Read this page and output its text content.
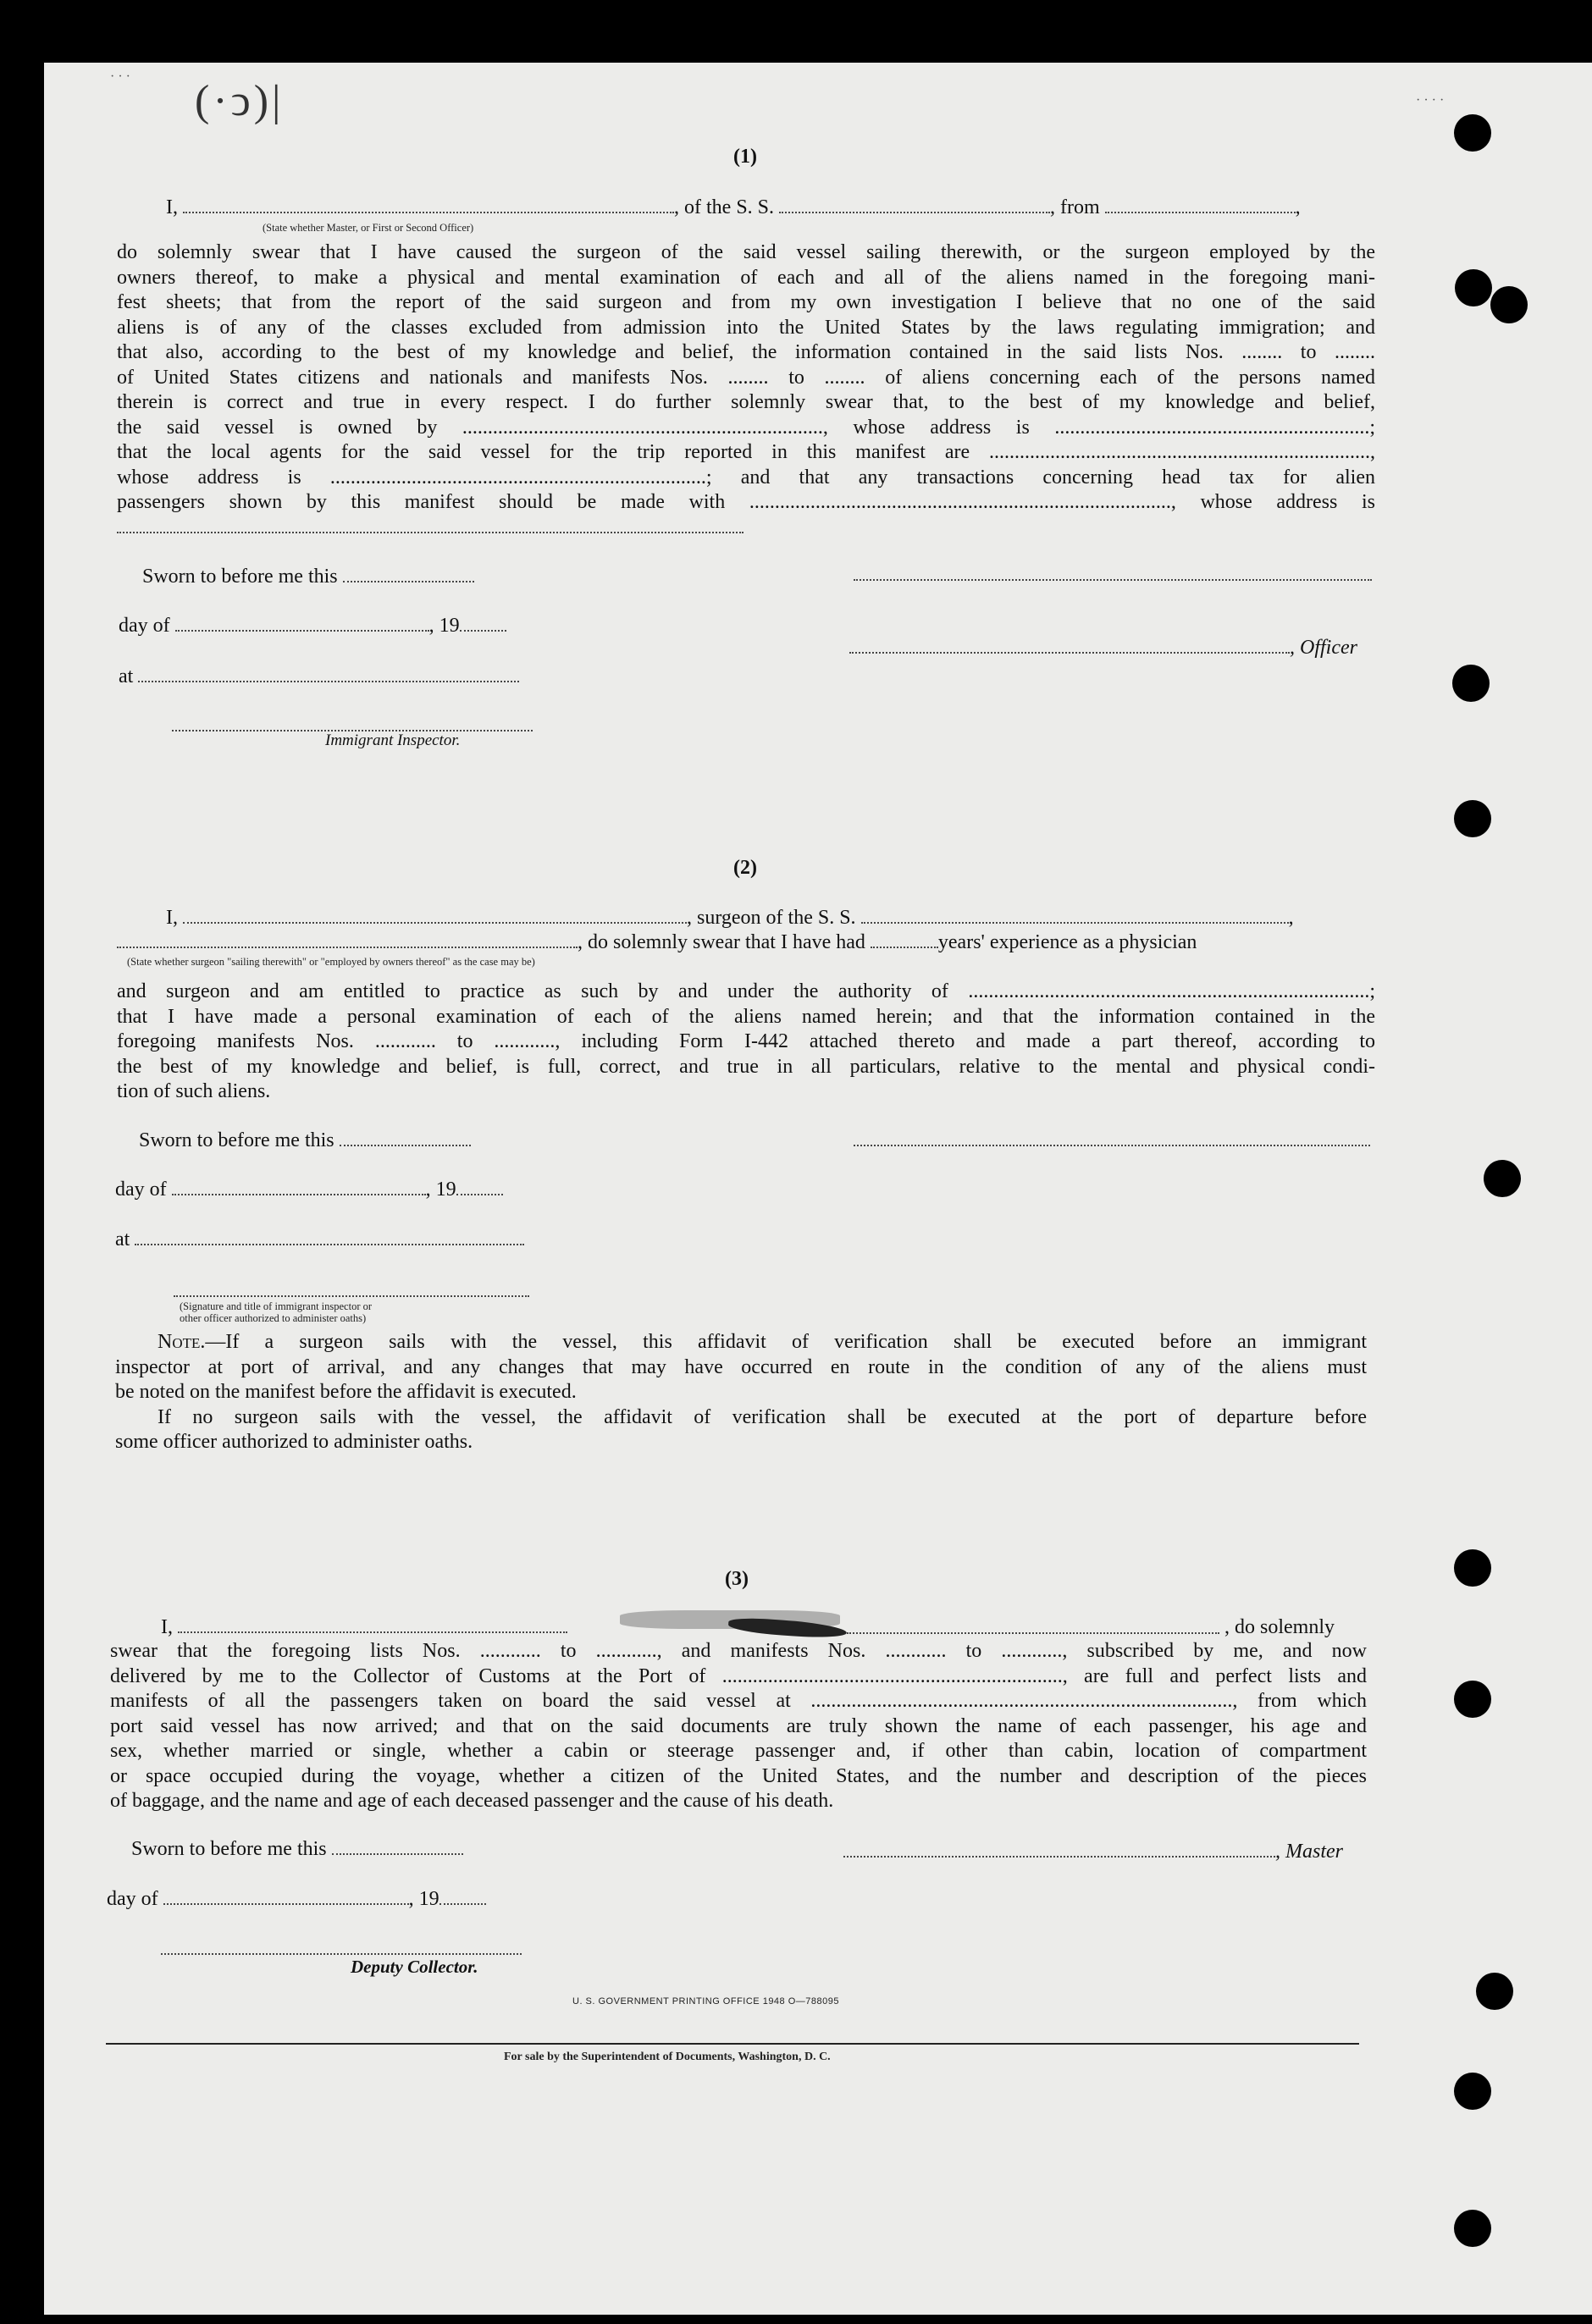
(·ↄ)|
· · ·
· · · ·
(1)
I,	, of the S. S.	, from	,
(State whether Master, or First or Second Officer)
do solemnly swear that I have caused the surgeon of the said vessel sailing therewith, or the surgeon employed by the
owners thereof, to make a physical and mental examination of each and all of the aliens named in the foregoing mani-
fest sheets; that from the report of the said surgeon and from my own investigation I believe that no one of the said
aliens is of any of the classes excluded from admission into the United States by the laws regulating immigration; and
that also, according to the best of my knowledge and belief, the information contained in the said lists Nos. ........ to ........
of United States citizens and nationals and manifests Nos. ........ to ........ of aliens concerning each of the persons named
therein is correct and true in every respect. I do further solemnly swear that, to the best of my knowledge and belief,
the said vessel is owned by ......................................................................., whose address is ..............................................................;
that the local agents for the said vessel for the trip reported in this manifest are ...........................................................................,
whose address is ..........................................................................; and that any transactions concerning head tax for alien
passengers shown by this manifest should be made with ..................................................................................., whose address is
Sworn to before me this
day of	, 19
, Officer
at
Immigrant Inspector.
(2)
I,	, surgeon of the S. S.	,
, do solemnly swear that I have had	years' experience as a physician
(State whether surgeon "sailing therewith" or "employed by owners thereof" as the case may be)
and surgeon and am entitled to practice as such by and under the authority of ...............................................................................;
that I have made a personal examination of each of the aliens named herein; and that the information contained in the
foregoing manifests Nos. ............ to ............, including Form I-442 attached thereto and made a part thereof, according to
the best of my knowledge and belief, is full, correct, and true in all particulars, relative to the mental and physical condi-
tion of such aliens.
Sworn to before me this
day of	, 19
at
(Signature and title of immigrant inspector or
other officer authorized to administer oaths)
Note.—If a surgeon sails with the vessel, this affidavit of verification shall be executed before an immigrant
inspector at port of arrival, and any changes that may have occurred en route in the condition of any of the aliens must
be noted on the manifest before the affidavit is executed.
If no surgeon sails with the vessel, the affidavit of verification shall be executed at the port of departure before
some officer authorized to administer oaths.
(3)
I,	, do solemnly
swear that the foregoing lists Nos. ............ to ............, and manifests Nos. ............ to ............, subscribed by me, and now
delivered by me to the Collector of Customs at the Port of ..................................................................., are full and perfect lists and
manifests of all the passengers taken on board the said vessel at ..................................................................................., from which
port said vessel has now arrived; and that on the said documents are truly shown the name of each passenger, his age and
sex, whether married or single, whether a cabin or steerage passenger and, if other than cabin, location of compartment
or space occupied during the voyage, whether a citizen of the United States, and the number and description of the pieces
of baggage, and the name and age of each deceased passenger and the cause of his death.
Sworn to before me this	, Master
day of	, 19
Deputy Collector.
U. S. GOVERNMENT PRINTING OFFICE 1948 O—788095
For sale by the Superintendent of Documents, Washington, D. C.
